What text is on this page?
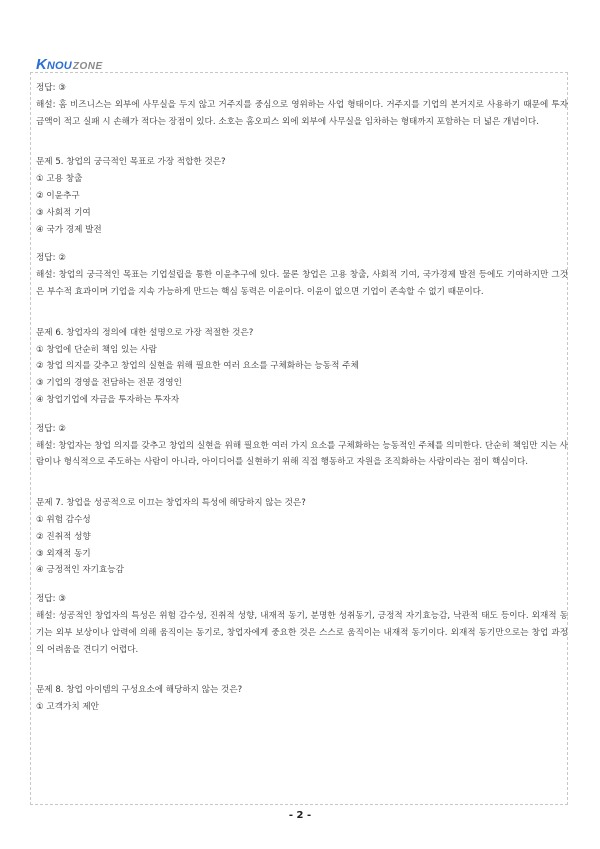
K NOU ZONE
정답: ③
해설: 홈 비즈니스는 외부에 사무실을 두지 않고 거주지를 중심으로 영위하는 사업 형태이다. 거주지를 기업의 본거지로 사용하기 때문에 투자금액이 적고 실패 시 손해가 적다는 장점이 있다. 소호는 홈오피스 외에 외부에 사무실을 임차하는 형태까지 포함하는 더 넓은 개념이다.
문제 5. 창업의 궁극적인 목표로 가장 적합한 것은?
① 고용 창출
② 이윤추구
③ 사회적 기여
④ 국가 경제 발전
정답: ②
해설: 창업의 궁극적인 목표는 기업설립을 통한 이윤추구에 있다. 물론 창업은 고용 창출, 사회적 기여, 국가경제 발전 등에도 기여하지만 그것은 부수적 효과이며 기업을 지속 가능하게 만드는 핵심 동력은 이윤이다. 이윤이 없으면 기업이 존속할 수 없기 때문이다.
문제 6. 창업자의 정의에 대한 설명으로 가장 적절한 것은?
① 창업에 단순히 책임 있는 사람
② 창업 의지를 갖추고 창업의 실현을 위해 필요한 여러 요소를 구체화하는 능동적 주체
③ 기업의 경영을 전담하는 전문 경영인
④ 창업기업에 자금을 투자하는 투자자
정답: ②
해설: 창업자는 창업 의지를 갖추고 창업의 실현을 위해 필요한 여러 가지 요소를 구체화하는 능동적인 주체를 의미한다. 단순히 책임만 지는 사람이나 형식적으로 주도하는 사람이 아니라, 아이디어를 실현하기 위해 직접 행동하고 자원을 조직화하는 사람이라는 점이 핵심이다.
문제 7. 창업을 성공적으로 이끄는 창업자의 특성에 해당하지 않는 것은?
① 위험 감수성
② 진취적 성향
③ 외재적 동기
④ 긍정적인 자기효능감
정답: ③
해설: 성공적인 창업자의 특성은 위험 감수성, 진취적 성향, 내재적 동기, 분명한 성취동기, 긍정적 자기효능감, 낙관적 태도 등이다. 외재적 동기는 외부 보상이나 압력에 의해 움직이는 동기로, 창업자에게 중요한 것은 스스로 움직이는 내재적 동기이다. 외재적 동기만으로는 창업 과정의 어려움을 견디기 어렵다.
문제 8. 창업 아이템의 구성요소에 해당하지 않는 것은?
① 고객가치 제안
- 2 -
